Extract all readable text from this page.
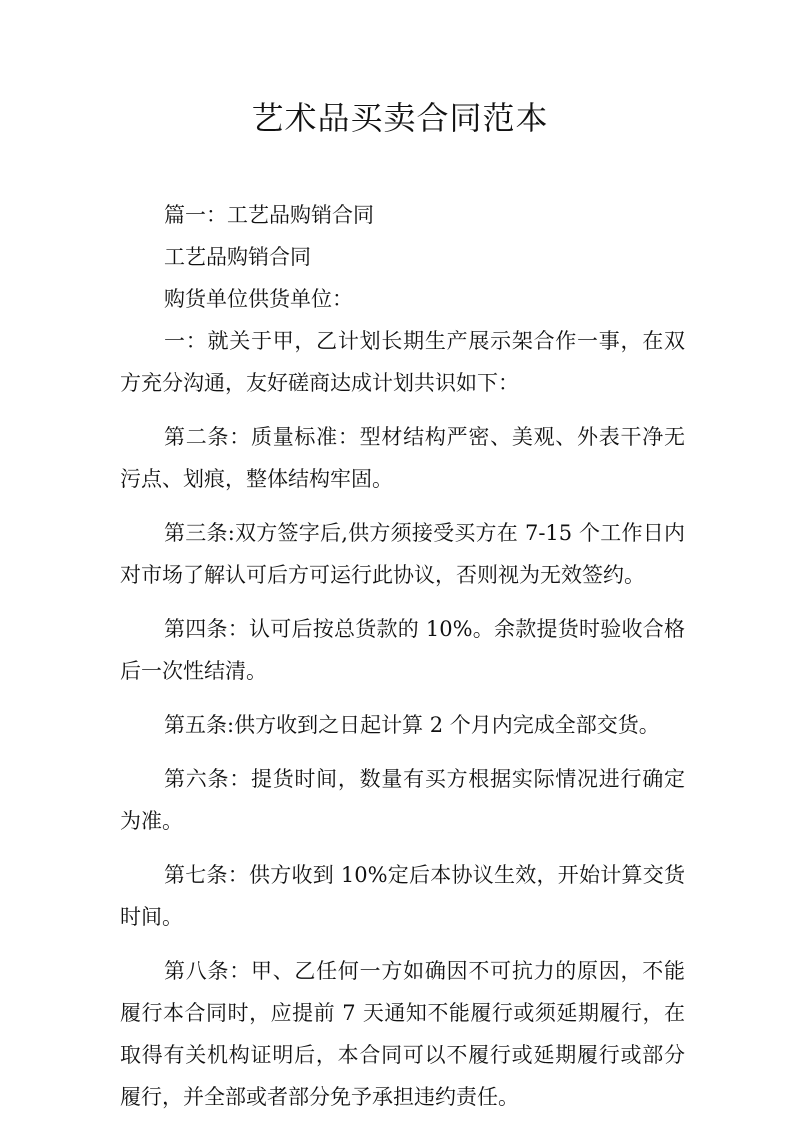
艺术品买卖合同范本

篇一：工艺品购销合同

工艺品购销合同

购货单位供货单位：

一：就关于甲，乙计划长期生产展示架合作一事，在双方充分沟通，友好磋商达成计划共识如下：

第二条：质量标准：型材结构严密、美观、外表干净无污点、划痕，整体结构牢固。

第三条:双方签字后,供方须接受买方在 7-15 个工作日内对市场了解认可后方可运行此协议，否则视为无效签约。

第四条：认可后按总货款的 10%。余款提货时验收合格后一次性结清。

第五条:供方收到之日起计算 2 个月内完成全部交货。

第六条：提货时间，数量有买方根据实际情况进行确定为准。

第七条：供方收到 10%定后本协议生效，开始计算交货时间。

第八条：甲、乙任何一方如确因不可抗力的原因，不能履行本合同时，应提前 7 天通知不能履行或须延期履行，在取得有关机构证明后，本合同可以不履行或延期履行或部分履行，并全部或者部分免予承担违约责任。
